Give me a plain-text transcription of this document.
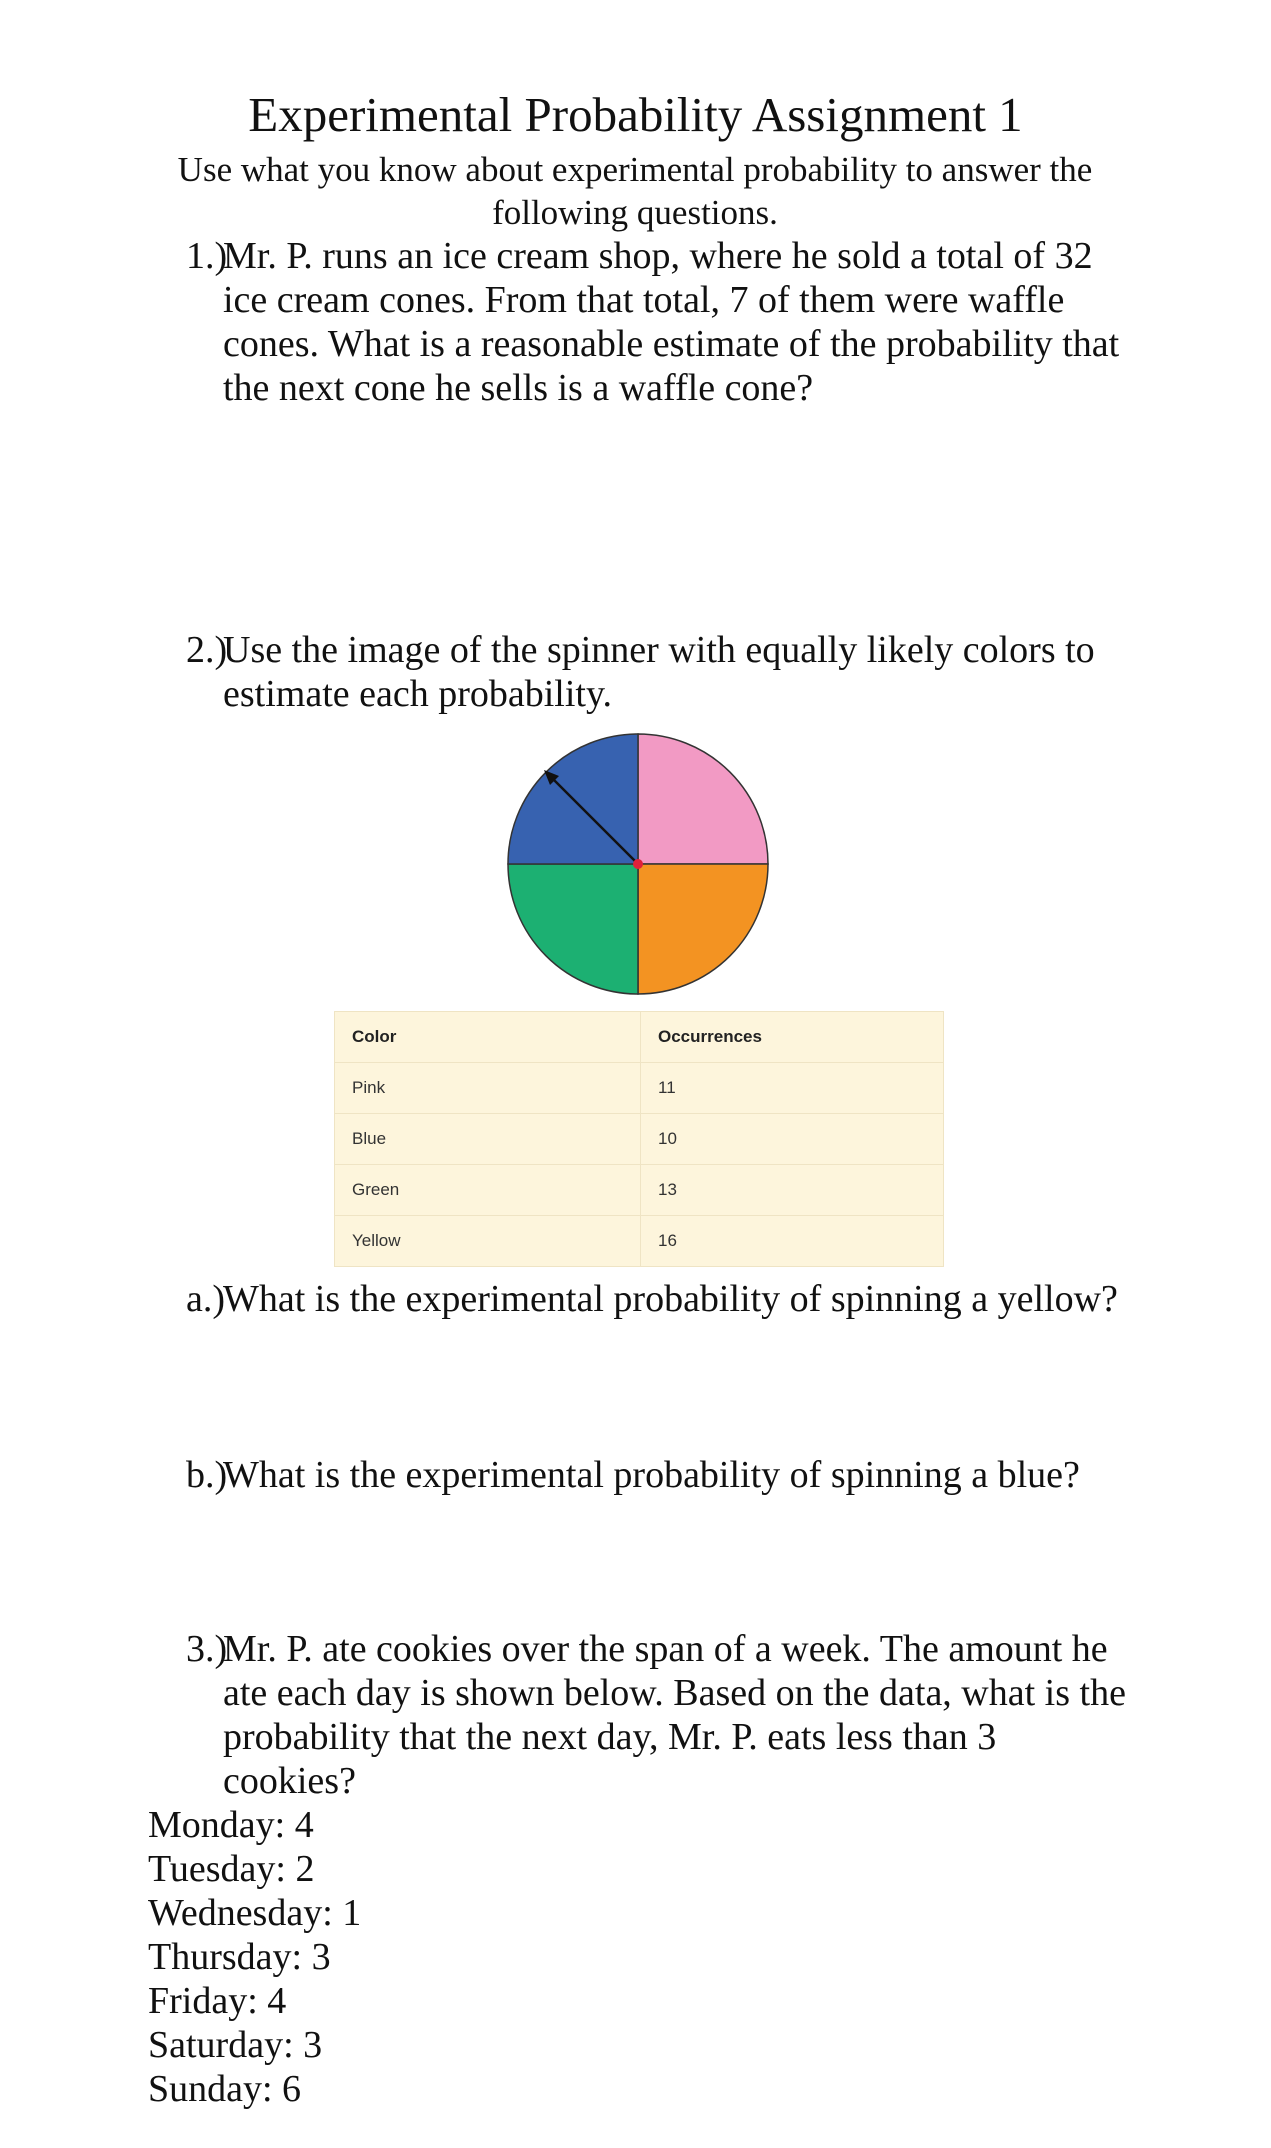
Experimental Probability Assignment 1
Use what you know about experimental probability to answer the following questions.
1.)
Mr. P. runs an ice cream shop, where he sold a total of 32 ice cream cones. From that total, 7 of them were waffle cones. What is a reasonable estimate of the probability that the next cone he sells is a waffle cone?
2.)
Use the image of the spinner with equally likely colors to estimate each probability.
Color	Occurrences
Pink	11
Blue	10
Green	13
Yellow	16
a.)
What is the experimental probability of spinning a yellow?
b.)
What is the experimental probability of spinning a blue?
3.)
Mr. P. ate cookies over the span of a week. The amount he ate each day is shown below. Based on the data, what is the probability that the next day, Mr. P. eats less than 3 cookies?
Monday: 4
Tuesday: 2
Wednesday: 1
Thursday: 3
Friday: 4
Saturday: 3
Sunday: 6
